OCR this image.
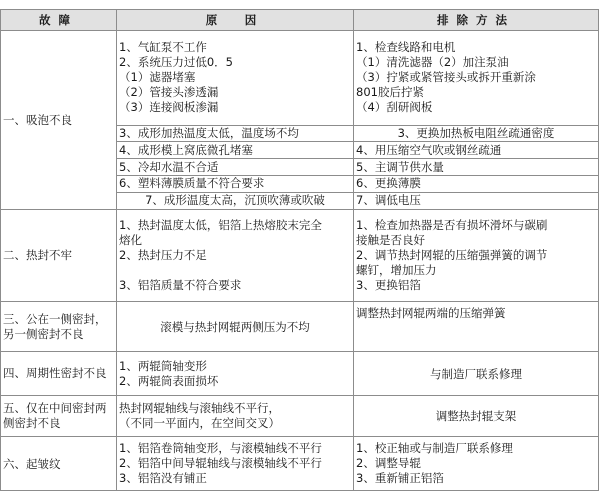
故障	原　因	排除方法
一、吸泡不良	1、气缸泵不工作
2、系统压力过低0．5
（1）滤器堵塞
（2）管接头渗透漏
（3）连接阀板渗漏	1、检查线路和电机
（1）清洗滤器（2）加注泵油
（3）拧紧或紧管接头或拆开重新涂
801胶后拧紧
（4）刮研阀板

	3、成形加热温度太低，温度场不均	3、更换加热板电阻丝疏通密度
	4、成形模上窝底微孔堵塞	4、用压缩空气吹或钢丝疏通
	5、冷却水温不合适	5、主调节供水量
	6、塑料薄膜质量不符合要求	6、更换薄膜
	7、成形温度太高，沉顶吹薄或吹破	7、调低电压
二、热封不牢	1、热封温度太低，铝箔上热熔胶末完全
熔化
2、热封压力不足

3、铝箔质量不符合要求	1、检查加热器是否有损坏滑坏与碳刷
接触是否良好
2、调节热封网辊的压缩强弹簧的调节
螺钉，增加压力
3、更换铝箔

三、公在一侧密封，另一侧密封不良	滚模与热封网辊两侧压为不均	调整热封网辊两端的压缩弹簧
四、周期性密封不良	1、两辊筒轴变形
2、两辊筒表面损坏	与制造厂联系修理
五、仅在中间密封两侧密封不良	热封网辊轴线与滚轴线不平行，
（不同一平面内，在空间交叉）	调整热封辊支架
六、起皱纹	1、铝箔卷筒轴变形，与滚模轴线不平行
2、铝箔中间导辊轴线与滚模轴线不平行
3、铝箔没有铺正	1、校正轴或与制造厂联系修理
2、调整导辊
3、重新铺正铝箔
